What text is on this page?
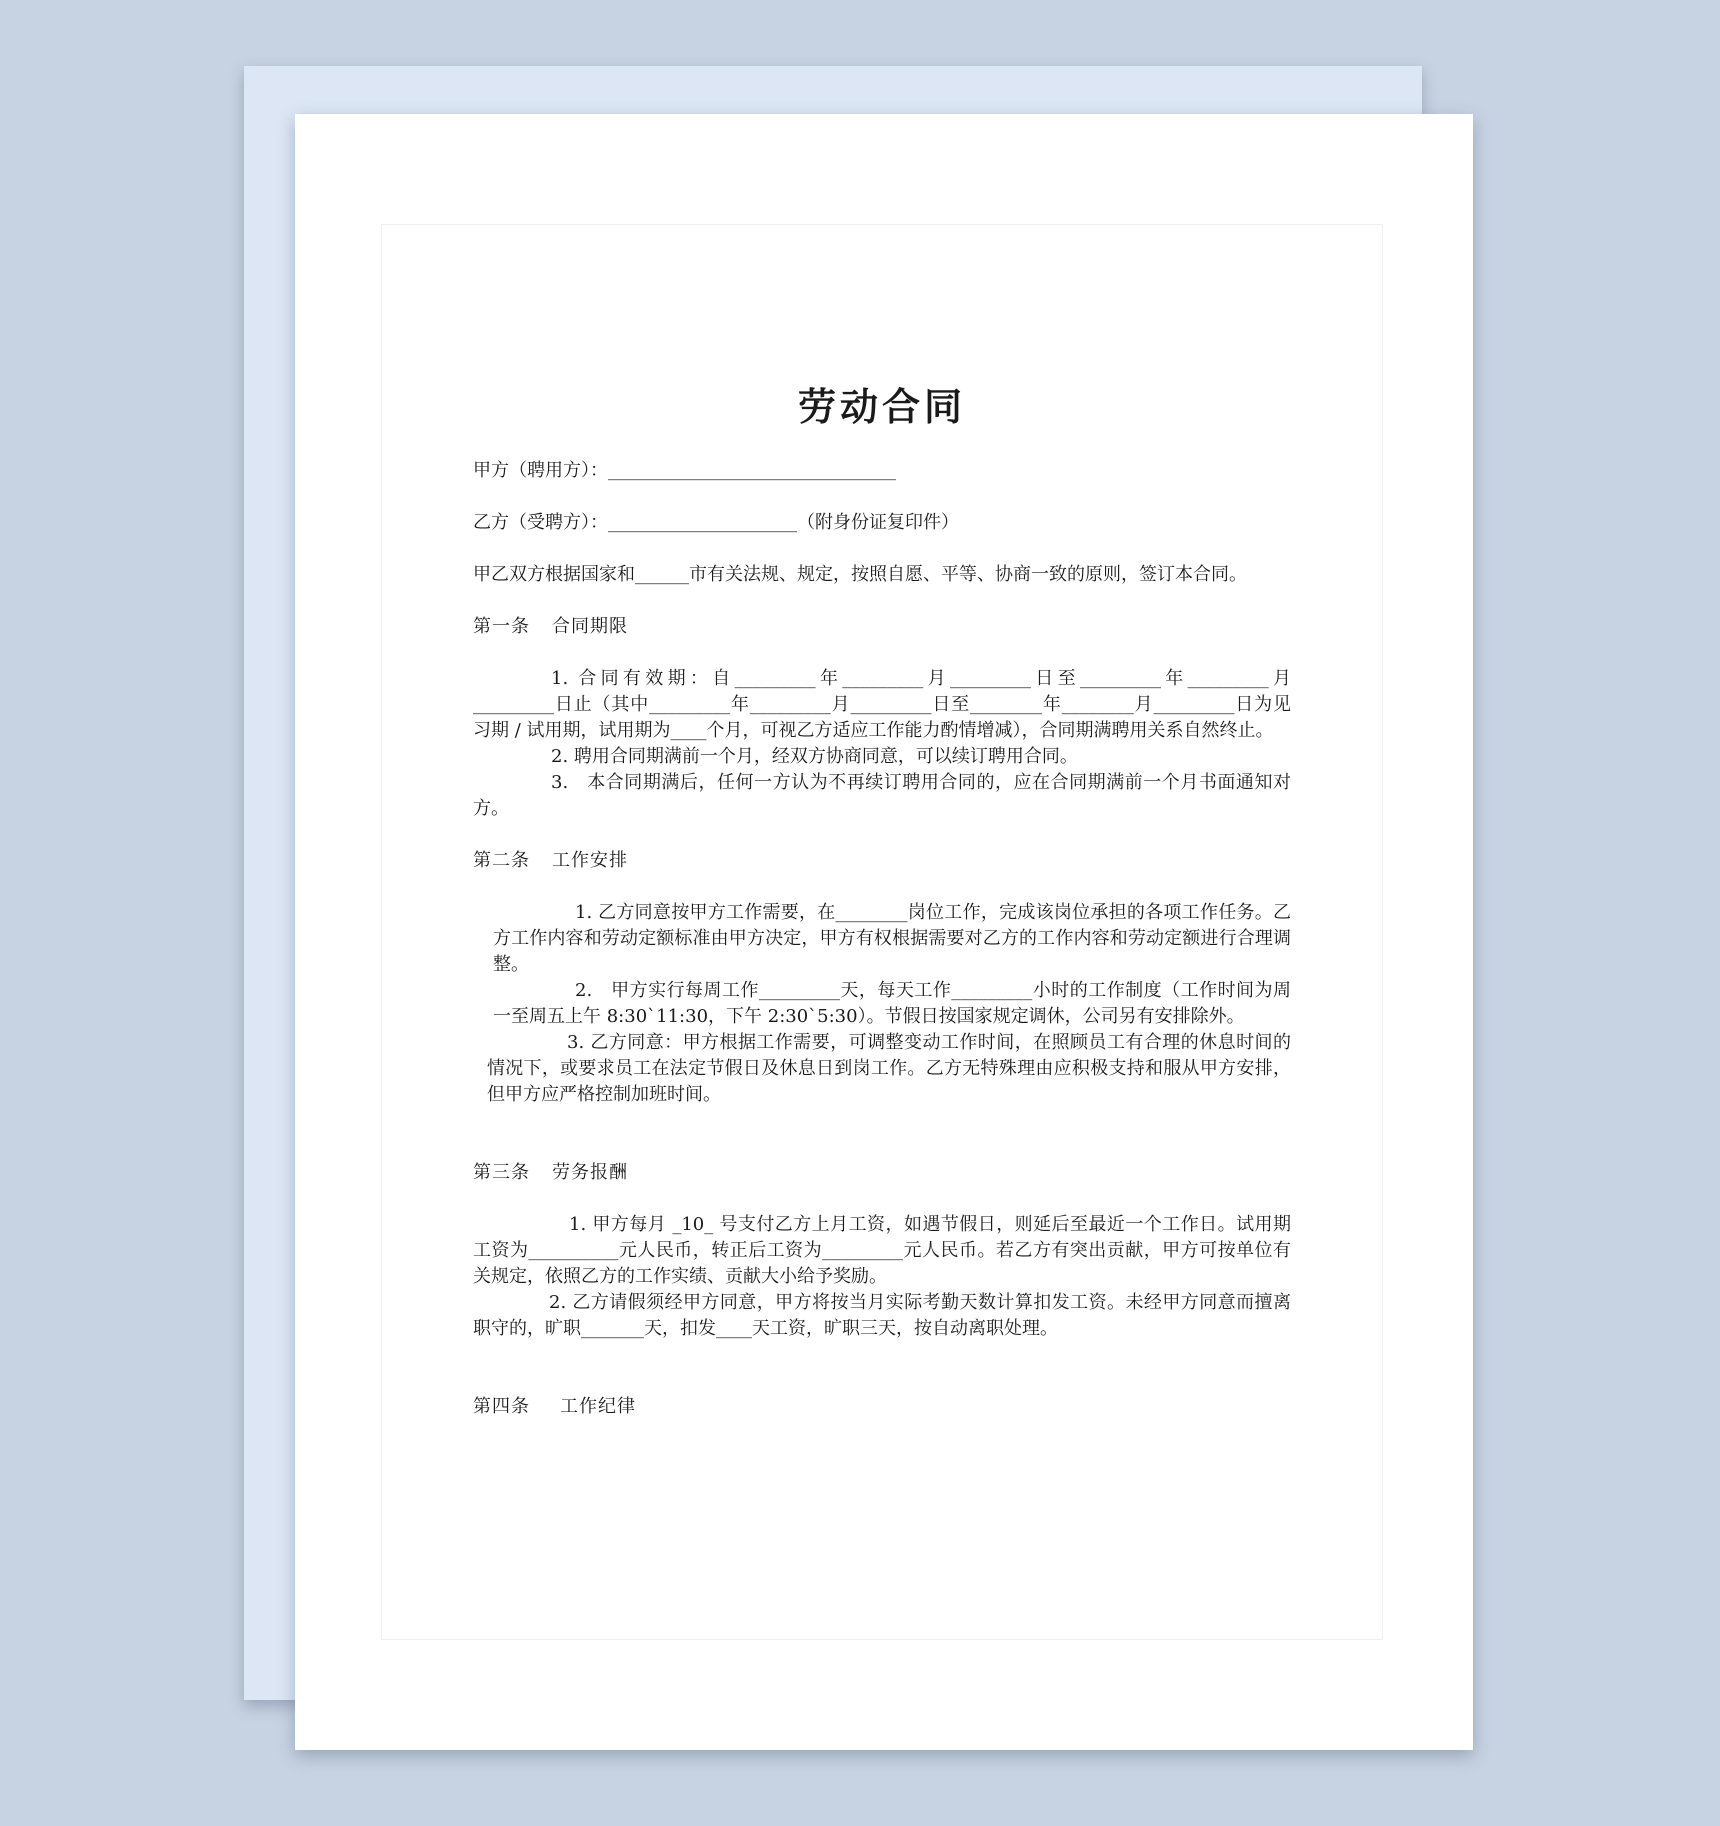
劳动合同

甲方（聘用方）：________________________________

乙方（受聘方）：_____________________（附身份证复印件）

甲乙双方根据国家和______市有关法规、规定，按照自愿、平等、协商一致的原则，签订本合同。

第一条 合同期限

1. 合同有效期：自_________年_________月_________日至_________年_________月_________日止（其中_________年_________月_________日至________年________月_________日为见习期 / 试用期，试用期为____个月，可视乙方适应工作能力酌情增减），合同期满聘用关系自然终止。

2. 聘用合同期满前一个月，经双方协商同意，可以续订聘用合同。

3.　本合同期满后，任何一方认为不再续订聘用合同的，应在合同期满前一个月书面通知对方。

第二条 工作安排

1. 乙方同意按甲方工作需要，在________岗位工作，完成该岗位承担的各项工作任务。乙方工作内容和劳动定额标准由甲方决定，甲方有权根据需要对乙方的工作内容和劳动定额进行合理调整。

2.　甲方实行每周工作_________天，每天工作_________小时的工作制度（工作时间为周一至周五上午 8:30`11:30，下午 2:30`5:30）。节假日按国家规定调休，公司另有安排除外。

3. 乙方同意：甲方根据工作需要，可调整变动工作时间，在照顾员工有合理的休息时间的情况下，或要求员工在法定节假日及休息日到岗工作。乙方无特殊理由应积极支持和服从甲方安排，但甲方应严格控制加班时间。

第三条 劳务报酬

1. 甲方每月 _10_ 号支付乙方上月工资，如遇节假日，则延后至最近一个工作日。试用期工资为__________元人民币，转正后工资为_________元人民币。若乙方有突出贡献，甲方可按单位有关规定，依照乙方的工作实绩、贡献大小给予奖励。

2. 乙方请假须经甲方同意，甲方将按当月实际考勤天数计算扣发工资。未经甲方同意而擅离职守的，旷职_______天，扣发____天工资，旷职三天，按自动离职处理。

第四条 工作纪律
